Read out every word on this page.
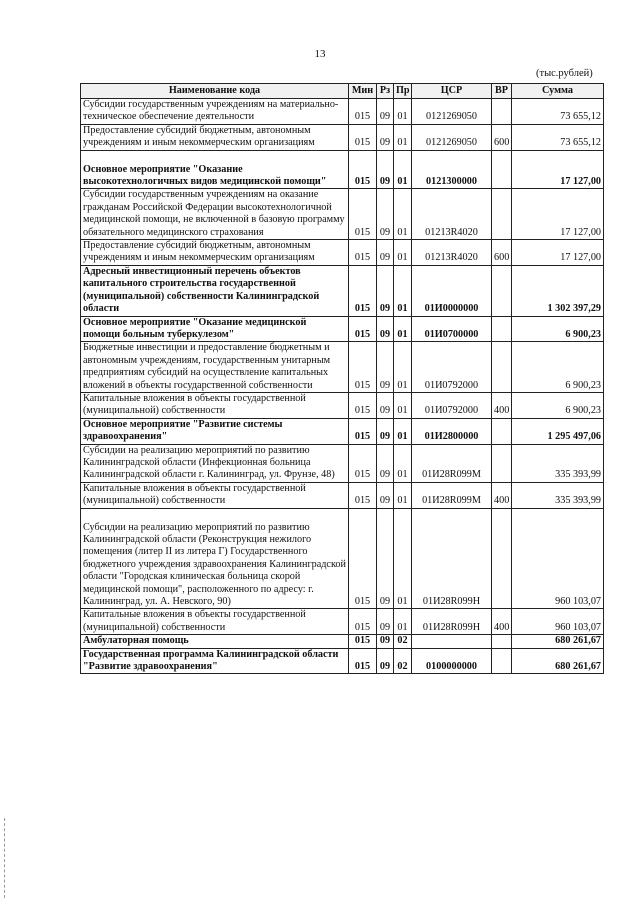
13
(тыс.рублей)
Наименование кода	Мин	Рз	Пр	ЦСР	ВР	Сумма
Субсидии государственным учреждениям на материально-техническое обеспечение деятельности	015	09	01	0121269050		73 655,12
Предоставление субсидий бюджетным, автономным учреждениям и иным некоммерческим организациям	015	09	01	0121269050	600	73 655,12
Основное мероприятие "Оказание высокотехнологичных видов медицинской помощи"	015	09	01	0121300000		17 127,00
Субсидии государственным учреждениям на оказание гражданам Российской Федерации высокотехнологичной медицинской помощи, не включенной в базовую программу обязательного медицинского страхования	015	09	01	01213R4020		17 127,00
Предоставление субсидий бюджетным, автономным учреждениям и иным некоммерческим организациям	015	09	01	01213R4020	600	17 127,00
Адресный инвестиционный перечень объектов капитального строительства государственной (муниципальной) собственности Калининградской области	015	09	01	01И0000000		1 302 397,29
Основное мероприятие "Оказание медицинской помощи больным туберкулезом"	015	09	01	01И0700000		6 900,23
Бюджетные инвестиции и предоставление бюджетным и автономным учреждениям, государственным унитарным предприятиям субсидий на осуществление капитальных вложений в объекты государственной собственности	015	09	01	01И0792000		6 900,23
Капитальные вложения в объекты государственной (муниципальной) собственности	015	09	01	01И0792000	400	6 900,23
Основное мероприятие "Развитие системы здравоохранения"	015	09	01	01И2800000		1 295 497,06
Субсидии на реализацию мероприятий по развитию Калининградской области (Инфекционная больница Калининградской области г. Калининград, ул. Фрунзе, 48)	015	09	01	01И28R099М		335 393,99
Капитальные вложения в объекты государственной (муниципальной) собственности	015	09	01	01И28R099М	400	335 393,99
Субсидии на реализацию мероприятий по развитию Калининградской области (Реконструкция нежилого помещения (литер II из литера Г) Государственного бюджетного учреждения здравоохранения Калининградской области "Городская клиническая больница скорой медицинской помощи", расположенного по адресу: г. Калининград, ул. А. Невского, 90)	015	09	01	01И28R099Н		960 103,07
Капитальные вложения в объекты государственной (муниципальной) собственности	015	09	01	01И28R099Н	400	960 103,07
Амбулаторная помощь	015	09	02			680 261,67
Государственная программа Калининградской области "Развитие здравоохранения"	015	09	02	0100000000		680 261,67
